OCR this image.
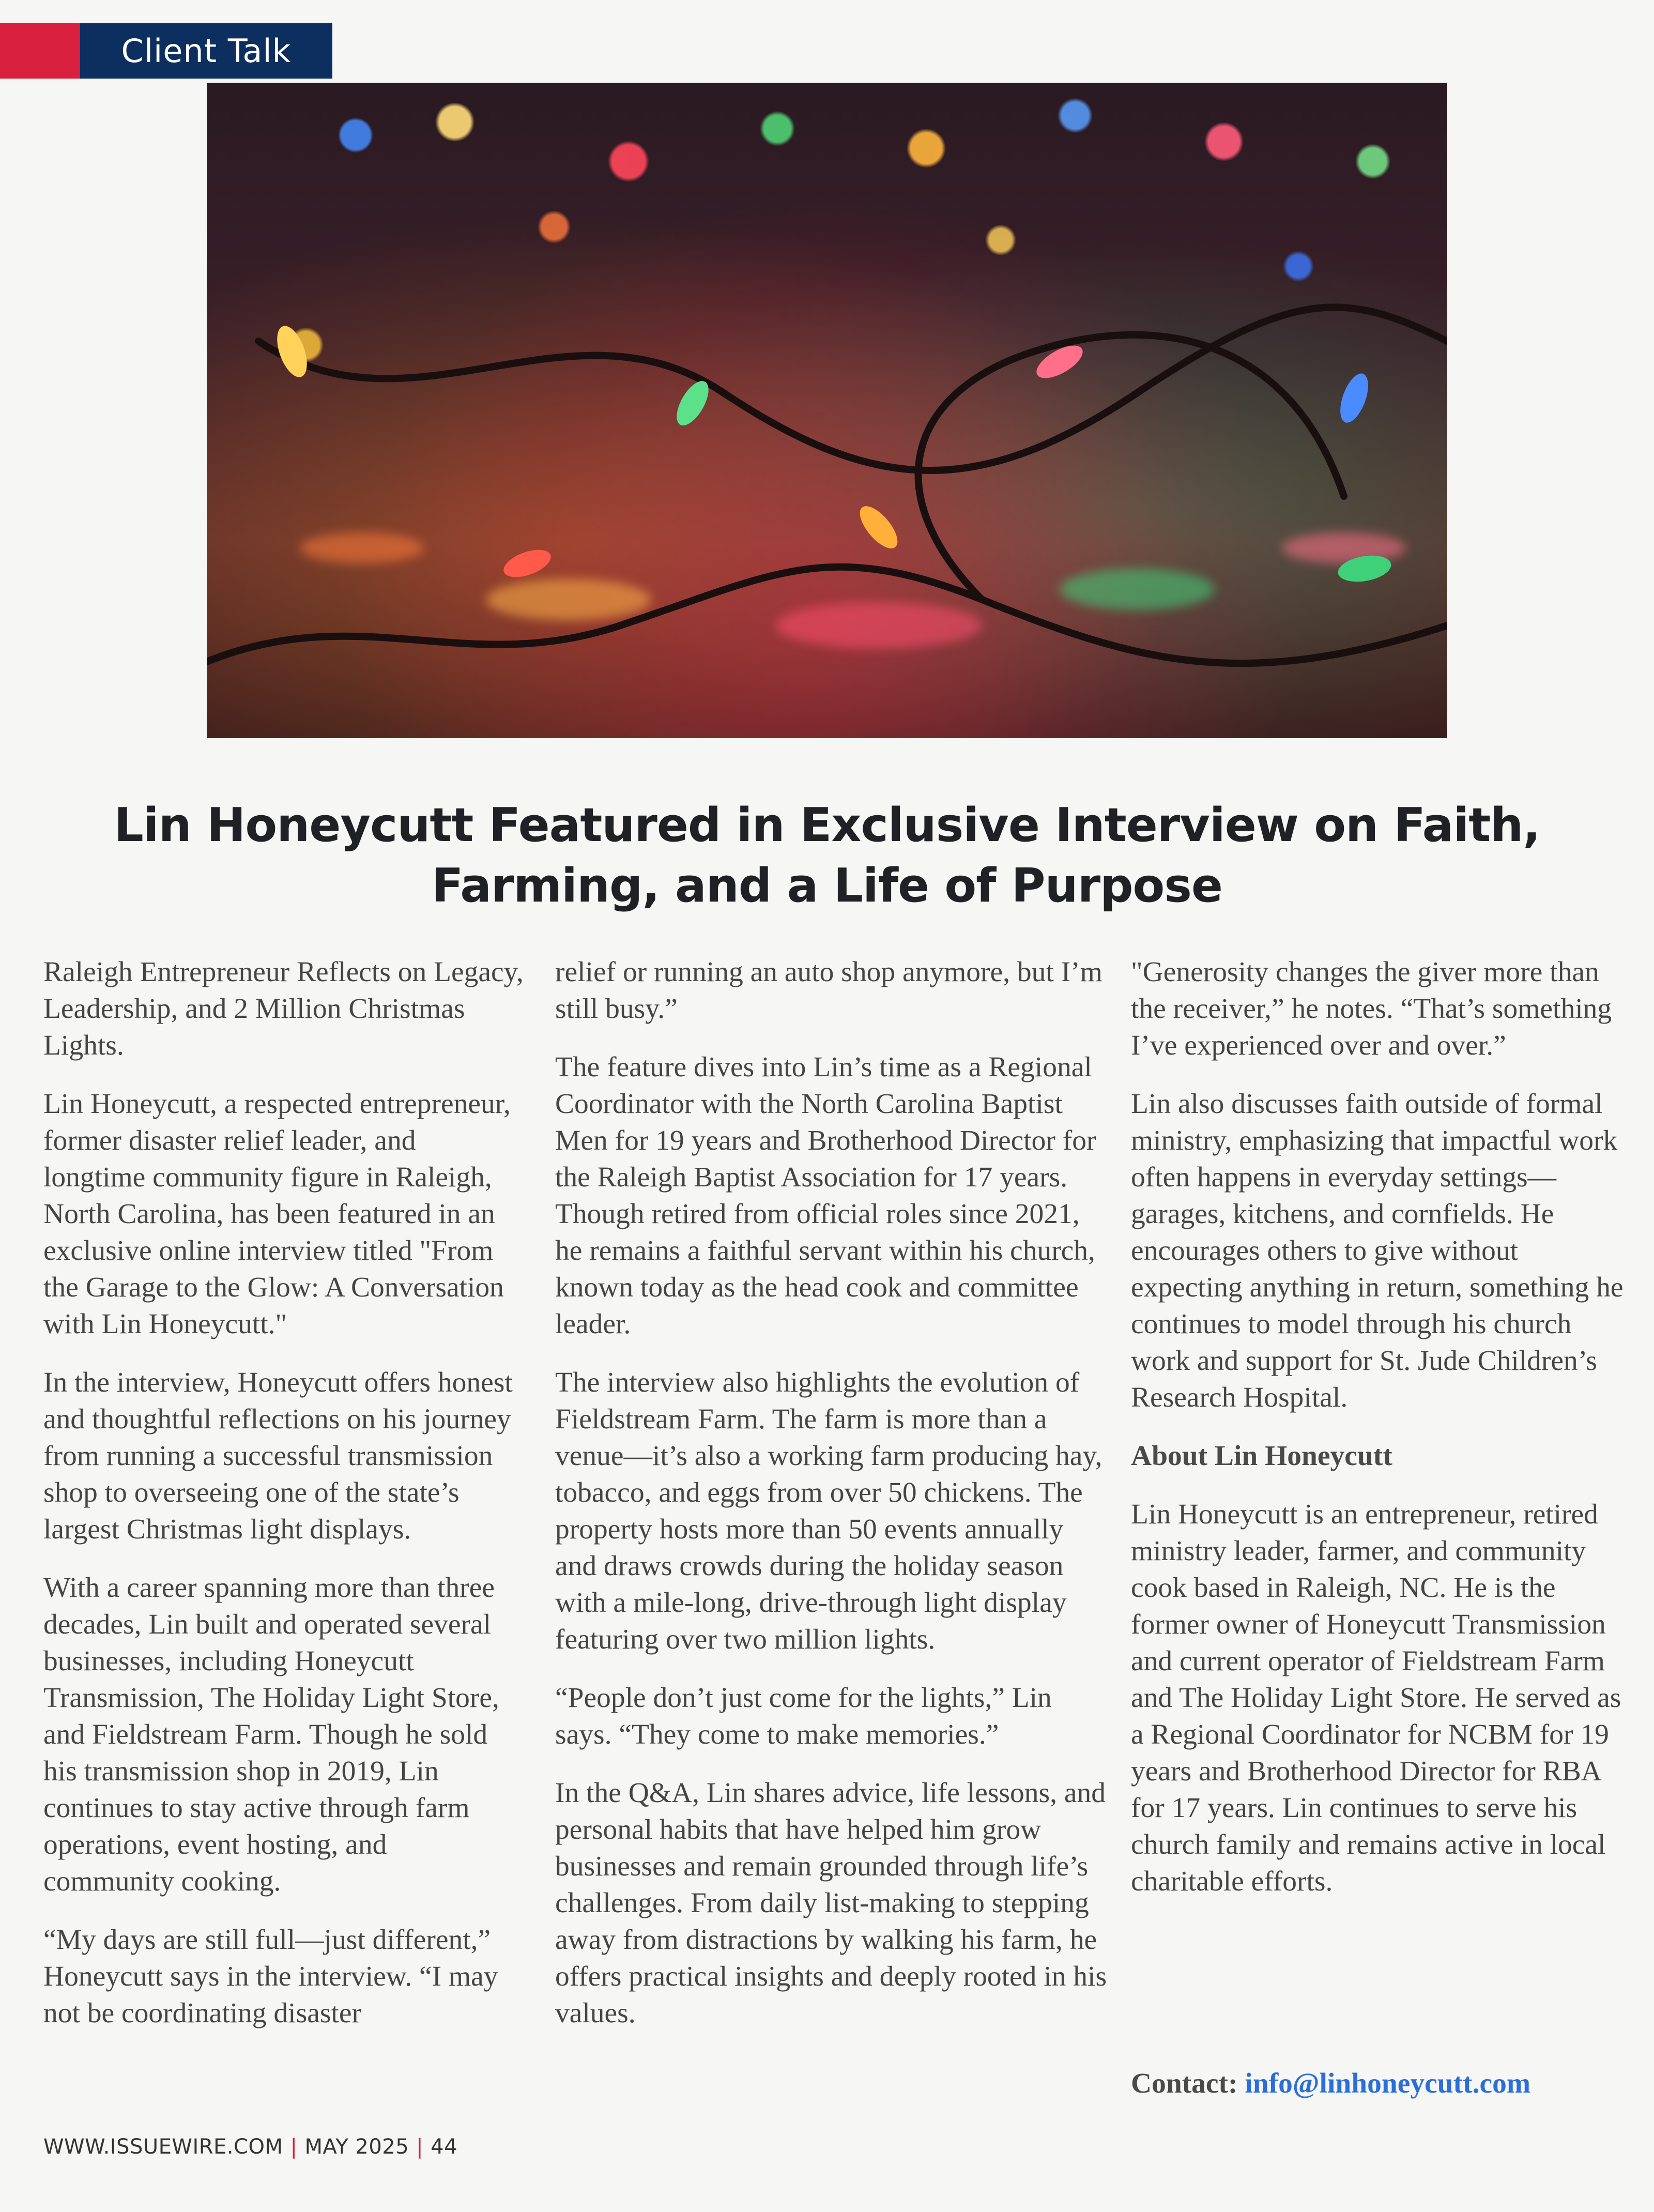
Client Talk
Lin Honeycutt Featured in Exclusive Interview on Faith, Farming, and a Life of Purpose

Raleigh Entrepreneur Reflects on Legacy, Leadership, and 2 Million Christmas Lights.

Lin Honeycutt, a respected entrepreneur, former disaster relief leader, and longtime community figure in Raleigh, North Carolina, has been featured in an exclusive online interview titled "From the Garage to the Glow: A Conversation with Lin Honeycutt."

In the interview, Honeycutt offers honest and thoughtful reflections on his journey from running a successful transmission shop to overseeing one of the state’s largest Christmas light displays.

With a career spanning more than three decades, Lin built and operated several businesses, including Honeycutt Transmission, The Holiday Light Store, and Fieldstream Farm. Though he sold his transmission shop in 2019, Lin continues to stay active through farm operations, event hosting, and community cooking.

“My days are still full—just different,” Honeycutt says in the interview. “I may not be coordinating disaster

relief or running an auto shop anymore, but I’m still busy.”

The feature dives into Lin’s time as a Regional Coordinator with the North Carolina Baptist Men for 19 years and Brotherhood Director for the Raleigh Baptist Association for 17 years. Though retired from official roles since 2021, he remains a faithful servant within his church, known today as the head cook and committee leader.

The interview also highlights the evolution of Fieldstream Farm. The farm is more than a venue—it’s also a working farm producing hay, tobacco, and eggs from over 50 chickens. The property hosts more than 50 events annually and draws crowds during the holiday season with a mile-long, drive-through light display featuring over two million lights.

“People don’t just come for the lights,” Lin says. “They come to make memories.”

In the Q&A, Lin shares advice, life lessons, and personal habits that have helped him grow businesses and remain grounded through life’s challenges. From daily list-making to stepping away from distractions by walking his farm, he offers practical insights and deeply rooted in his values.

"Generosity changes the giver more than the receiver,” he notes. “That’s something I’ve experienced over and over.”

Lin also discusses faith outside of formal ministry, emphasizing that impactful work often happens in everyday settings—garages, kitchens, and cornfields. He encourages others to give without expecting anything in return, something he continues to model through his church work and support for St. Jude Children’s Research Hospital.

About Lin Honeycutt

Lin Honeycutt is an entrepreneur, retired ministry leader, farmer, and community cook based in Raleigh, NC. He is the former owner of Honeycutt Transmission and current operator of Fieldstream Farm and The Holiday Light Store. He served as a Regional Coordinator for NCBM for 19 years and Brotherhood Director for RBA for 17 years. Lin continues to serve his church family and remains active in local charitable efforts.

Contact: info@linhoneycutt.com
WWW.ISSUEWIRE.COM | MAY 2025 | 44
